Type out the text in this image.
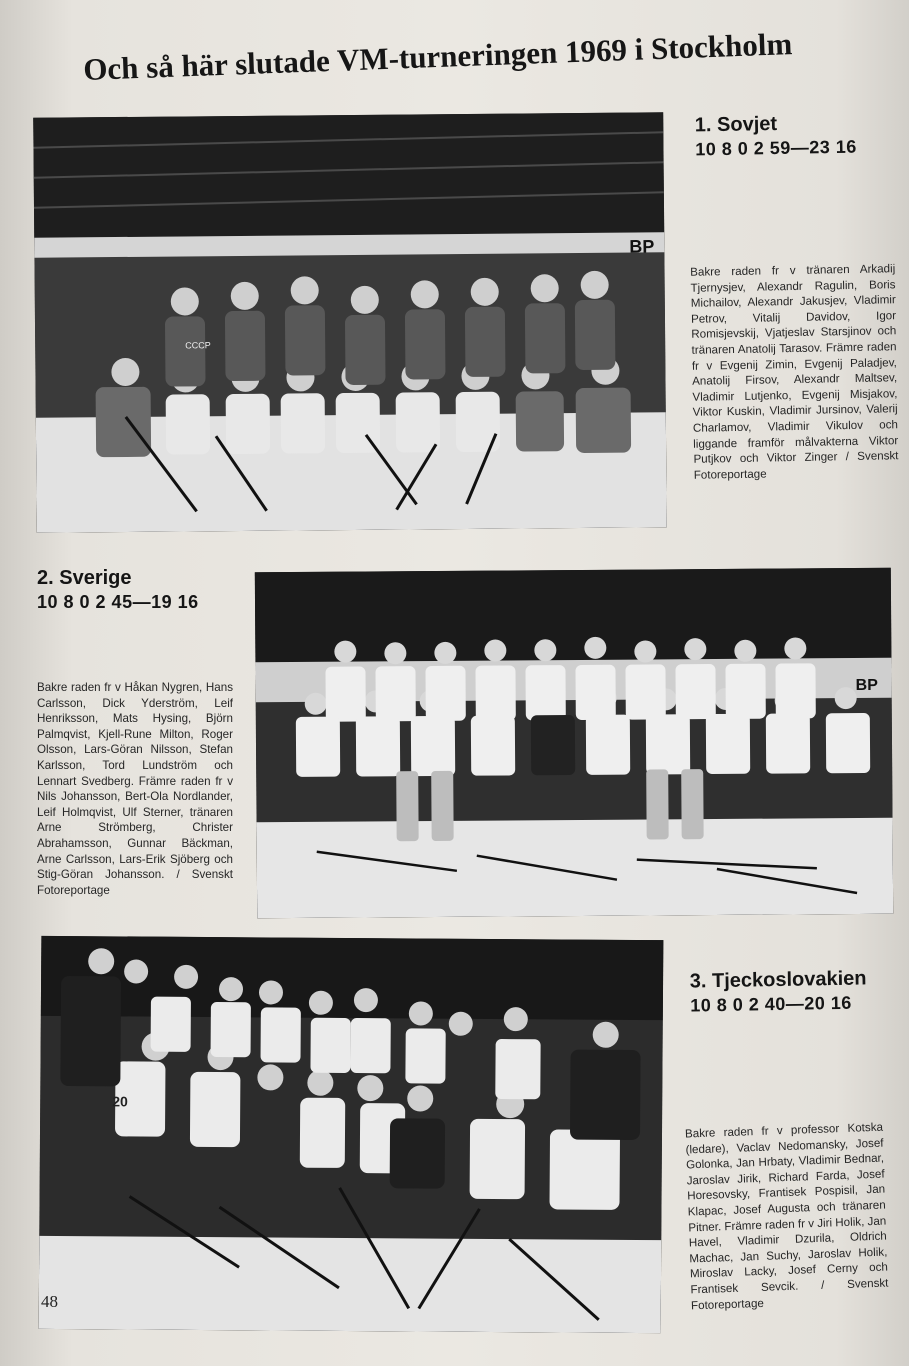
Och så här slutade VM-turneringen 1969 i Stockholm
CCCP
BP
1. Sovjet
10 8 0 2 59—23 16

Bakre raden fr v tränaren Arkadij Tjernysjev, Alexandr Ragulin, Boris Michailov, Alexandr Jakusjev, Vladimir Petrov, Vitalij Davidov, Igor Romisjevskij, Vjatjeslav Starsjinov och tränaren Anatolij Tarasov. Främre raden fr v Evgenij Zimin, Evgenij Paladjev, Anatolij Firsov, Alexandr Maltsev, Vladimir Lutjenko, Evgenij Misjakov, Viktor Kuskin, Vladimir Jursinov, Valerij Charlamov, Vladimir Vikulov och liggande framför målvakterna Viktor Putjkov och Viktor Zinger / Svenskt Fotoreportage

BP
2. Sverige
10 8 0 2 45—19 16

Bakre raden fr v Håkan Nygren, Hans Carlsson, Dick Yderström, Leif Henriksson, Mats Hysing, Björn Palmqvist, Kjell-Rune Milton, Roger Olsson, Lars-Göran Nilsson, Stefan Karlsson, Tord Lundström och Lennart Svedberg. Främre raden fr v Nils Johansson, Bert-Ola Nordlander, Leif Holmqvist, Ulf Sterner, tränaren Arne Strömberg, Christer Abrahamsson, Gunnar Bäckman, Arne Carlsson, Lars-Erik Sjöberg och Stig-Göran Johansson. / Svenskt Fotoreportage

20
3. Tjeckoslovakien
10 8 0 2 40—20 16

Bakre raden fr v professor Kotska (ledare), Vaclav Nedomansky, Josef Golonka, Jan Hrbaty, Vladimir Bednar, Jaroslav Jirik, Richard Farda, Josef Horesovsky, Frantisek Pospisil, Jan Klapac, Josef Augusta och tränaren Pitner. Främre raden fr v Jiri Holik, Jan Havel, Vladimir Dzurila, Oldrich Machac, Jan Suchy, Jaroslav Holik, Miroslav Lacky, Josef Cerny och Frantisek Sevcik. / Svenskt Fotoreportage

48
